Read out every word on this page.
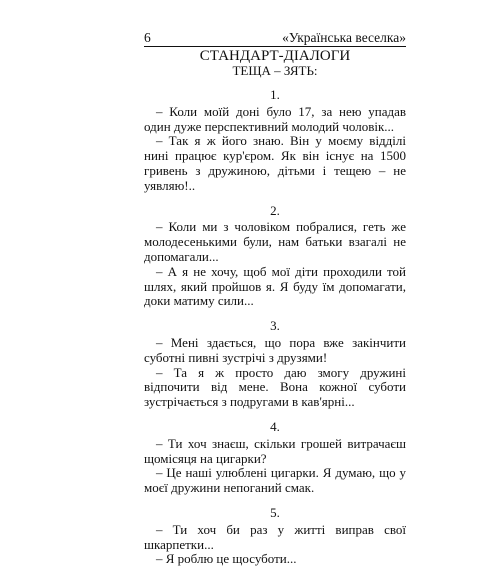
6	«Українська веселка»
СТАНДАРТ-ДІАЛОГИ
ТЕЩА – ЗЯТЬ:
1.

– Коли моїй доні було 17, за нею упадав один дуже перспективний молодий чоловік...

– Так я ж його знаю. Він у моєму відділі нині працює кур'єром. Як він існує на 1500 гривень з дружиною, дітьми і тещею – не уявляю!..

2.

– Коли ми з чоловіком побралися, геть же молодесенькими були, нам батьки взагалі не допомагали...

– А я не хочу, щоб мої діти проходили той шлях, який пройшов я. Я буду їм допомагати, доки матиму сили...

3.

– Мені здається, що пора вже закінчити суботні пивні зустрічі з друзями!

– Та я ж просто даю змогу дружині відпочити від мене. Вона кожної суботи зустрічається з подругами в кав'ярні...

4.

– Ти хоч знаєш, скільки грошей витрачаєш щомісяця на цигарки?

– Це наші улюблені цигарки. Я думаю, що у моєї дружини непоганий смак.

5.

– Ти хоч би раз у житті виправ свої шкарпетки...

– Я роблю це щосуботи...
